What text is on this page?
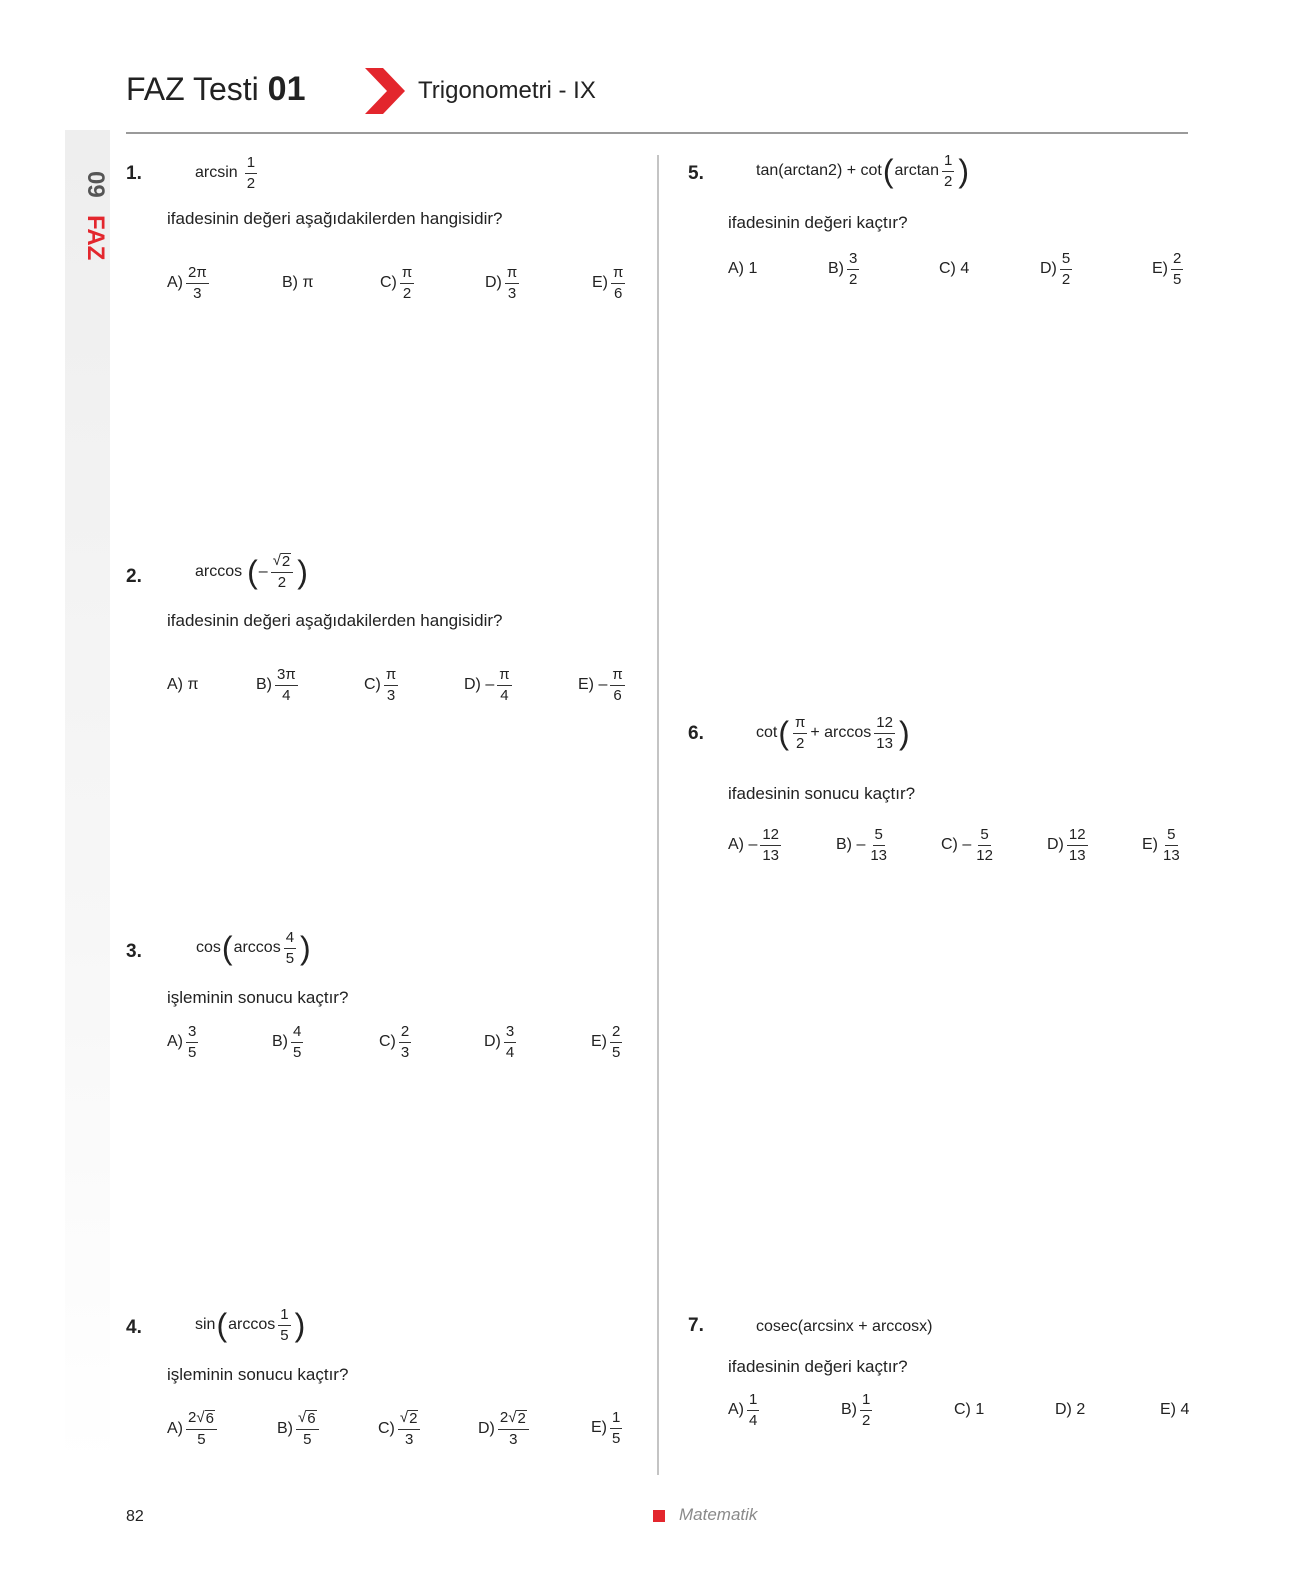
09
FAZ
FAZ Testi 01	Trigonometri - IX
1.	$\arcsin \frac{1}{2}$
ifadesinin değeri aşağıdakilerden hangisidir?
$A) \frac{2\pi}{3}$	B) π	$C) \frac{\pi}{2}$	$D) \frac{\pi}{3}$	$E) \frac{\pi}{6}$
2.	arccos ( – $\frac{√ 2}{2}$ )
ifadesinin değeri aşağıdakilerden hangisidir?
A) π	$B) \frac{3\pi}{4}$	$C) \frac{\pi}{3}$	$D) - \frac{\pi}{4}$	$E) - \frac{\pi}{6}$
3.	cos ( $\arccos \frac{4}{5}$ )
işleminin sonucu kaçtır?
$A) \frac{3}{5}$	$B) \frac{4}{5}$	$C) \frac{2}{3}$	$D) \frac{3}{4}$	$E) \frac{2}{5}$
4.	sin ( $\arccos \frac{1}{5}$ )
işleminin sonucu kaçtır?
$A) \frac{2 √ 6}{5}$	$B) \frac{√ 6}{5}$	$C) \frac{√ 2}{3}$	$D) \frac{2 √ 2}{3}$	$E) \frac{1}{5}$
5.	tan(arctan2) + cot ( $\arctan \frac{1}{2}$ )
ifadesinin değeri kaçtır?
A) 1	$B) \frac{3}{2}$	C) 4	$D) \frac{5}{2}$	$E) \frac{2}{5}$
6.	cot ( $\frac{\pi}{2} + \arccos \frac{12}{13}$ )
ifadesinin sonucu kaçtır?
$A) - \frac{12}{13}$	$B) - \frac{5}{13}$	$C) - \frac{5}{12}$	$D) \frac{12}{13}$	$E) \frac{5}{13}$
7.	cosec(arcsinx + arccosx)
ifadesinin değeri kaçtır?
$A) \frac{1}{4}$	$B) \frac{1}{2}$	C) 1	D) 2	E) 4
82	Matematik
